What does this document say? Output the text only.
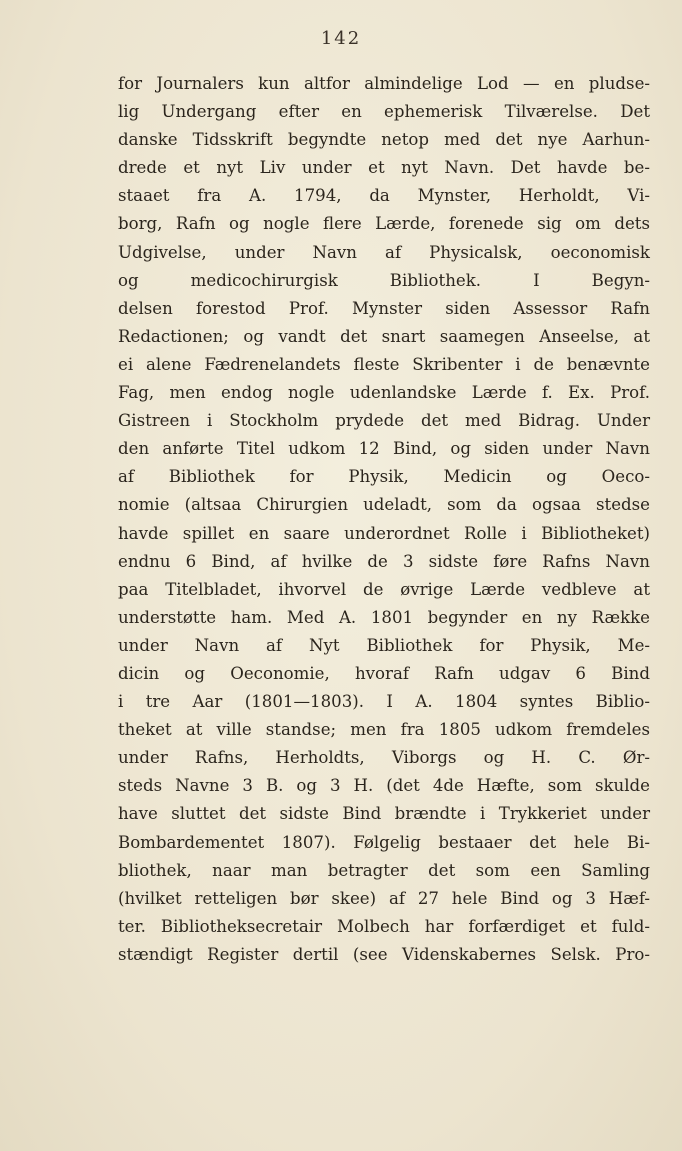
142
for Journalers kun altfor almindelige Lod — en pludse-
lig Undergang efter en ephemerisk Tilværelse. Det
danske Tidsskrift begyndte netop med det nye Aarhun-
drede et nyt Liv under et nyt Navn. Det havde be-
staaet fra A. 1794, da Mynster, Herholdt, Vi-
borg, Rafn og nogle flere Lærde, forenede sig om dets
Udgivelse, under Navn af Physicalsk, oeconomisk
og medicochirurgisk Bibliothek. I Begyn-
delsen forestod Prof. Mynster siden Assessor Rafn
Redactionen; og vandt det snart saamegen Anseelse, at
ei alene Fædrenelandets fleste Skribenter i de benævnte
Fag, men endog nogle udenlandske Lærde f. Ex. Prof.
Gistreen i Stockholm prydede det med Bidrag. Under
den anførte Titel udkom 12 Bind, og siden under Navn
af Bibliothek for Physik, Medicin og Oeco-
nomie (altsaa Chirurgien udeladt, som da ogsaa stedse
havde spillet en saare underordnet Rolle i Bibliotheket)
endnu 6 Bind, af hvilke de 3 sidste føre Rafns Navn
paa Titelbladet, ihvorvel de øvrige Lærde vedbleve at
understøtte ham. Med A. 1801 begynder en ny Række
under Navn af Nyt Bibliothek for Physik, Me-
dicin og Oeconomie, hvoraf Rafn udgav 6 Bind
i tre Aar (1801—1803). I A. 1804 syntes Biblio-
theket at ville standse; men fra 1805 udkom fremdeles
under Rafns, Herholdts, Viborgs og H. C. Ør-
steds Navne 3 B. og 3 H. (det 4de Hæfte, som skulde
have sluttet det sidste Bind brændte i Trykkeriet under
Bombardementet 1807). Følgelig bestaaer det hele Bi-
bliothek, naar man betragter det som een Samling
(hvilket retteligen bør skee) af 27 hele Bind og 3 Hæf-
ter. Bibliotheksecretair Molbech har forfærdiget et fuld-
stændigt Register dertil (see Videnskabernes Selsk. Pro-
